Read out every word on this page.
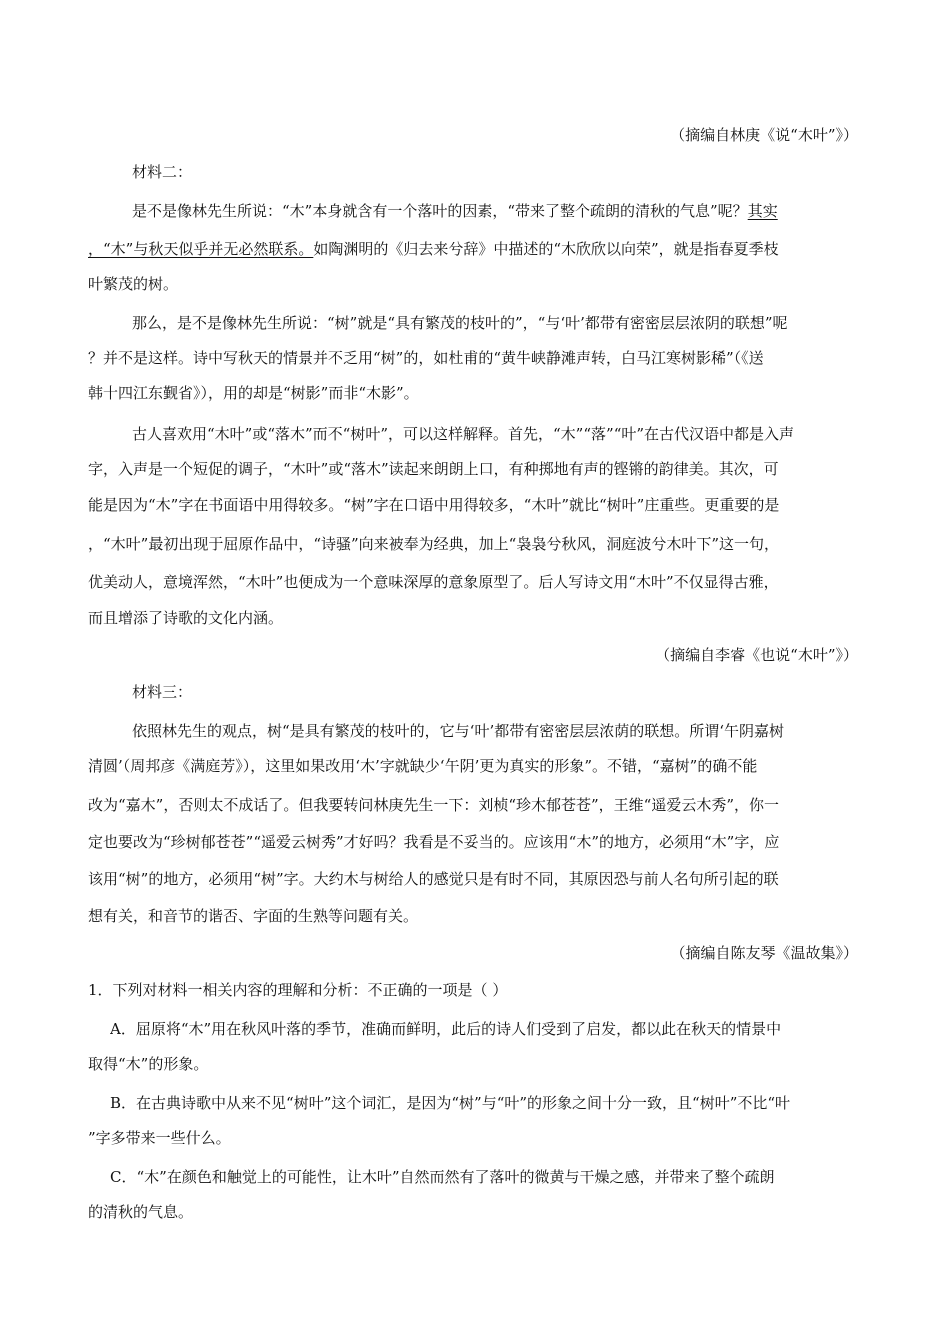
（摘编自林庚《说“木叶”》）
材料二：
是不是像林先生所说：“木”本身就含有一个落叶的因素，“带来了整个疏朗的清秋的气息”呢？其实
，“木”与秋天似乎并无必然联系。如陶渊明的《归去来兮辞》中描述的“木欣欣以向荣”，就是指春夏季枝
叶繁茂的树。
那么，是不是像林先生所说：“树”就是“具有繁茂的枝叶的”，“与‘叶’都带有密密层层浓阴的联想”呢
？并不是这样。诗中写秋天的情景并不乏用“树”的，如杜甫的“黄牛峡静滩声转，白马江寒树影稀”（《送
韩十四江东觐省》），用的却是“树影”而非“木影”。
古人喜欢用“木叶”或“落木”而不“树叶”，可以这样解释。首先，“木”“落”“叶”在古代汉语中都是入声
字，入声是一个短促的调子，“木叶”或“落木”读起来朗朗上口，有种掷地有声的铿锵的韵律美。其次，可
能是因为“木”字在书面语中用得较多。“树”字在口语中用得较多，“木叶”就比“树叶”庄重些。更重要的是
，“木叶”最初出现于屈原作品中，“诗骚”向来被奉为经典，加上“袅袅兮秋风，洞庭波兮木叶下”这一句，
优美动人，意境浑然，“木叶”也便成为一个意味深厚的意象原型了。后人写诗文用“木叶”不仅显得古雅，
而且增添了诗歌的文化内涵。
（摘编自李睿《也说“木叶”》）
材料三：
依照林先生的观点，树“是具有繁茂的枝叶的，它与‘叶’都带有密密层层浓荫的联想。所谓‘午阴嘉树
清圆’（周邦彦《满庭芳》），这里如果改用‘木’字就缺少‘午阴’更为真实的形象”。不错，“嘉树”的确不能
改为“嘉木”，否则太不成话了。但我要转问林庚先生一下：刘桢“珍木郁苍苍”，王维“遥爱云木秀”，你一
定也要改为“珍树郁苍苍”“遥爱云树秀”才好吗？我看是不妥当的。应该用“木”的地方，必须用“木”字，应
该用“树”的地方，必须用“树”字。大约木与树给人的感觉只是有时不同，其原因恐与前人名句所引起的联
想有关，和音节的谐否、字面的生熟等问题有关。
（摘编自陈友琴《温故集》）
1．下列对材料一相关内容的理解和分析：不正确的一项是（ ）
A．屈原将“木”用在秋风叶落的季节，准确而鲜明，此后的诗人们受到了启发，都以此在秋天的情景中
取得“木”的形象。
B．在古典诗歌中从来不见“树叶”这个词汇，是因为“树”与“叶”的形象之间十分一致，且“树叶”不比“叶
”字多带来一些什么。
C．“木”在颜色和触觉上的可能性，让木叶”自然而然有了落叶的微黄与干燥之感，并带来了整个疏朗
的清秋的气息。
